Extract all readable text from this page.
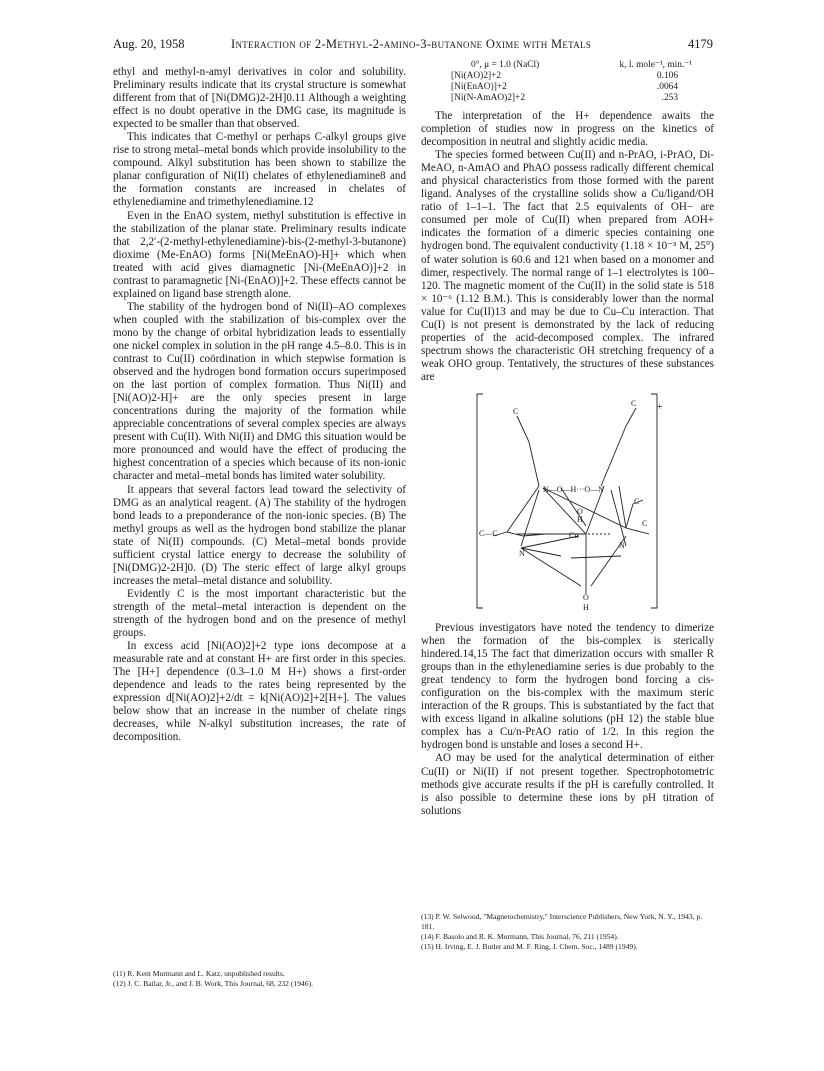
Aug. 20, 1958	Interaction of 2-Methyl-2-amino-3-butanone Oxime with Metals	4179

ethyl and methyl-n-amyl derivatives in color and solubility. Preliminary results indicate that its crystal structure is somewhat different from that of [Ni(DMG)2-2H]0.11 Although a weighting effect is no doubt operative in the DMG case, its magnitude is expected to be smaller than that observed.

This indicates that C-methyl or perhaps C-alkyl groups give rise to strong metal–metal bonds which provide insolubility to the compound. Alkyl substitution has been shown to stabilize the planar configuration of Ni(II) chelates of ethylenediamine8 and the formation constants are increased in chelates of ethylenediamine and trimethylenediamine.12

Even in the EnAO system, methyl substitution is effective in the stabilization of the planar state. Preliminary results indicate that 2,2′-(2-methyl-ethylenediamine)-bis-(2-methyl-3-butanone) dioxime (Me-EnAO) forms [Ni(MeEnAO)-H]+ which when treated with acid gives diamagnetic [Ni-(MeEnAO)]+2 in contrast to paramagnetic [Ni-(EnAO)]+2. These effects cannot be explained on ligand base strength alone.

The stability of the hydrogen bond of Ni(II)–AO complexes when coupled with the stabilization of bis-complex over the mono by the change of orbital hybridization leads to essentially one nickel complex in solution in the pH range 4.5–8.0. This is in contrast to Cu(II) coördination in which stepwise formation is observed and the hydrogen bond formation occurs superimposed on the last portion of complex formation. Thus Ni(II) and [Ni(AO)2-H]+ are the only species present in large concentrations during the majority of the formation while appreciable concentrations of several complex species are always present with Cu(II). With Ni(II) and DMG this situation would be more pronounced and would have the effect of producing the highest concentration of a species which because of its non-ionic character and metal–metal bonds has limited water solubility.

It appears that several factors lead toward the selectivity of DMG as an analytical reagent. (A) The stability of the hydrogen bond leads to a preponderance of the non-ionic species. (B) The methyl groups as well as the hydrogen bond stabilize the planar state of Ni(II) compounds. (C) Metal–metal bonds provide sufficient crystal lattice energy to decrease the solubility of [Ni(DMG)2-2H]0. (D) The steric effect of large alkyl groups increases the metal–metal distance and solubility.

Evidently C is the most important characteristic but the strength of the metal–metal interaction is dependent on the strength of the hydrogen bond and on the presence of methyl groups.

In excess acid [Ni(AO)2]+2 type ions decompose at a measurable rate and at constant H+ are first order in this species. The [H+] dependence (0.3–1.0 M H+) shows a first-order dependence and leads to the rates being represented by the expression d[Ni(AO)2]+2/dt = k[Ni(AO)2]+2[H+]. The values below show that an increase in the number of chelate rings decreases, while N-alkyl substitution increases, the rate of decomposition.

(11) R. Kent Murmann and L. Katz, unpublished results.

(12) J. C. Bailar, Jr., and J. B. Work, This Journal, 68, 232 (1946).

0°, μ = 1.0 (NaCl)	k, l. mole⁻¹, min.⁻¹
[Ni(AO)2]+2	0.106
[Ni(EnAO)]+2	.0064
[Ni(N-AmAO)2]+2	.253

The interpretation of the H+ dependence awaits the completion of studies now in progress on the kinetics of decomposition in neutral and slightly acidic media.

The species formed between Cu(II) and n-PrAO, i-PrAO, Di-MeAO, n-AmAO and PhAO possess radically different chemical and physical characteristics from those formed with the parent ligand. Analyses of the crystalline solids show a Cu/ligand/OH ratio of 1–1–1. The fact that 2.5 equivalents of OH− are consumed per mole of Cu(II) when prepared from AOH+ indicates the formation of a dimeric species containing one hydrogen bond. The equivalent conductivity (1.18 × 10⁻³ M, 25°) of water solution is 60.6 and 121 when based on a monomer and dimer, respectively. The normal range of 1–1 electrolytes is 100–120. The magnetic moment of the Cu(II) in the solid state is 518 × 10⁻⁶ (1.12 B.M.). This is considerably lower than the normal value for Cu(II)13 and may be due to Cu–Cu interaction. That Cu(I) is not present is demonstrated by the lack of reducing properties of the acid-decomposed complex. The infrared spectrum shows the characteristic OH stretching frequency of a weak OHO group. Tentatively, the structures of these substances are

C
C +
N—O—H···O—N
C—C
N
Cu
H
O
N
C
C
O
H

Previous investigators have noted the tendency to dimerize when the formation of the bis-complex is sterically hindered.14,15 The fact that dimerization occurs with smaller R groups than in the ethylenediamine series is due probably to the great tendency to form the hydrogen bond forcing a cis-configuration on the bis-complex with the maximum steric interaction of the R groups. This is substantiated by the fact that with excess ligand in alkaline solutions (pH 12) the stable blue complex has a Cu/n-PrAO ratio of 1/2. In this region the hydrogen bond is unstable and loses a second H+.

AO may be used for the analytical determination of either Cu(II) or Ni(II) if not present together. Spectrophotometric methods give accurate results if the pH is carefully controlled. It is also possible to determine these ions by pH titration of solutions

(13) P. W. Selwood, "Magnetochemistry," Interscience Publishers, New York, N. Y., 1943, p. 181.

(14) F. Basolo and R. K. Murmann, This Journal, 76, 211 (1954).

(15) H. Irving, E. J. Butler and M. F. Ring, J. Chem. Soc., 1489 (1949).
